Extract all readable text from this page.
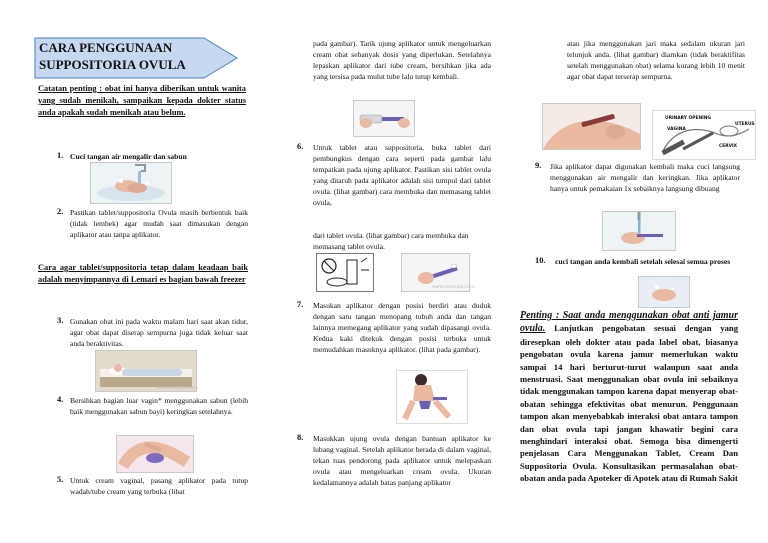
CARA PENGGUNAAN SUPPOSITORIA OVULA
Catatan penting : obat ini hanya diberikan untuk wanita yang sudah menikah, sampaikan kepada dokter status anda apakah sudah menikah atau belum.
1. Cuci tangan air mengalir dan sabun
2. Pastikan tablet/suppositoria Ovula masih berbentuk baik (tidak lembek) agar mudah saat dimasukan dengan aplikator atau tanpa aplikator.
Cara agar tablet/suppositoria tetap dalam keadaan baik adalah menyimpannya di Lemari es bagian bawah freezer
3. Gunakan obat ini pada waktu malam hari saat akan tidur, agar obat dapat diserap sempurna juga tidak keluar saat anda beraktivitas.
www.example.com
4. Bersihkan bagian luar vagin* menggunakan sabun (lebih baik menggunakan sabun bayi) keringkan setelahnya.
5. Untuk cream vaginal, pasang aplikator pada tutup wadah/tube cream yang terbuka (lihat
pada gambar). Tarik ujung aplikator untuk mengeluarkan cream obat sebanyak dosis yang diperlukan. Setelahnya lepaskan aplikator dari tube cream, bersihkan jika ada yang tersisa pada mulut tube lalu tutup kembali.
6. Untuk tablet atau suppositoria, buka tablet dari pembungkus dengan cara seperti pada gambar lalu tempatkan pada ujung aplikator. Pastikan sisi tablet ovula yang ditaruh pada aplikator adalah sisi tumpul dari tablet ovula. (lihat gambar) cara membuka dan memasang tablet ovula,
dari tablet ovula. (lihat gambar) cara membuka dan memasang tablet ovula.
www.example.com
7. Masukan aplikator dengan posisi berdiri atau duduk dengan satu tangan menopang tubuh anda dan tangan lainnya memegang aplikator yang sudah dipasangi ovula. Kedua kaki ditekuk dengan posisi terbuka untuk memudahkan masuknya aplikator. (lihat pada gambar).
8. Masukkan ujung ovula dengan bantuan aplikator ke lubang vaginal. Setelah aplikator berada di dalam vaginal, tekan tuas pendorong pada aplikator untuk melepaskan ovula atau mengeluarkan cream ovula. Ukuran kedalamannya adalah batas panjang aplikator
atau jika menggunakan jari maka sedalam ukuran jari telunjuk anda. (lihat gambar) diamkan (tidak beraktifitas setelah menggunakan obat) selama kurang lebih 10 menit agar obat dapat terserap sempurna.
URINARY OPENING
VAGINA
UTERUS
CERVIX
9. Jika aplikator dapat digunakan kembali maka cuci langsung menggunakan air mengalir dan keringkan. Jika aplikator hanya untuk pemakaian 1x sebaiknya langsung dibuang
10. cuci tangan anda kembali setelah selesai semua proses
Penting : Saat anda menggunakan obat anti jamur ovula. Lanjutkan pengobatan sesuai dengan yang diresepkan oleh dokter atau pada label obat, biasanya pengobatan ovula karena jamur memerlukan waktu sampai 14 hari berturut-turut walaupun saat anda menstruasi. Saat menggunakan obat ovula ini sebaiknya tidak menggunakan tampon karena dapat menyerap obat-obatan sehingga efektivitas obat menurun. Penggunaan tampon akan menyebabkab interaksi obat antara tampon dan obat ovula tapi jangan khawatir begini cara menghindari interaksi obat. Semoga bisa dimengerti penjelasan Cara Menggunakan Tablet, Cream Dan Suppositoria Ovula. Konsultasikan permasalahan obat-obatan anda pada Apoteker di Apotek atau di Rumah Sakit
